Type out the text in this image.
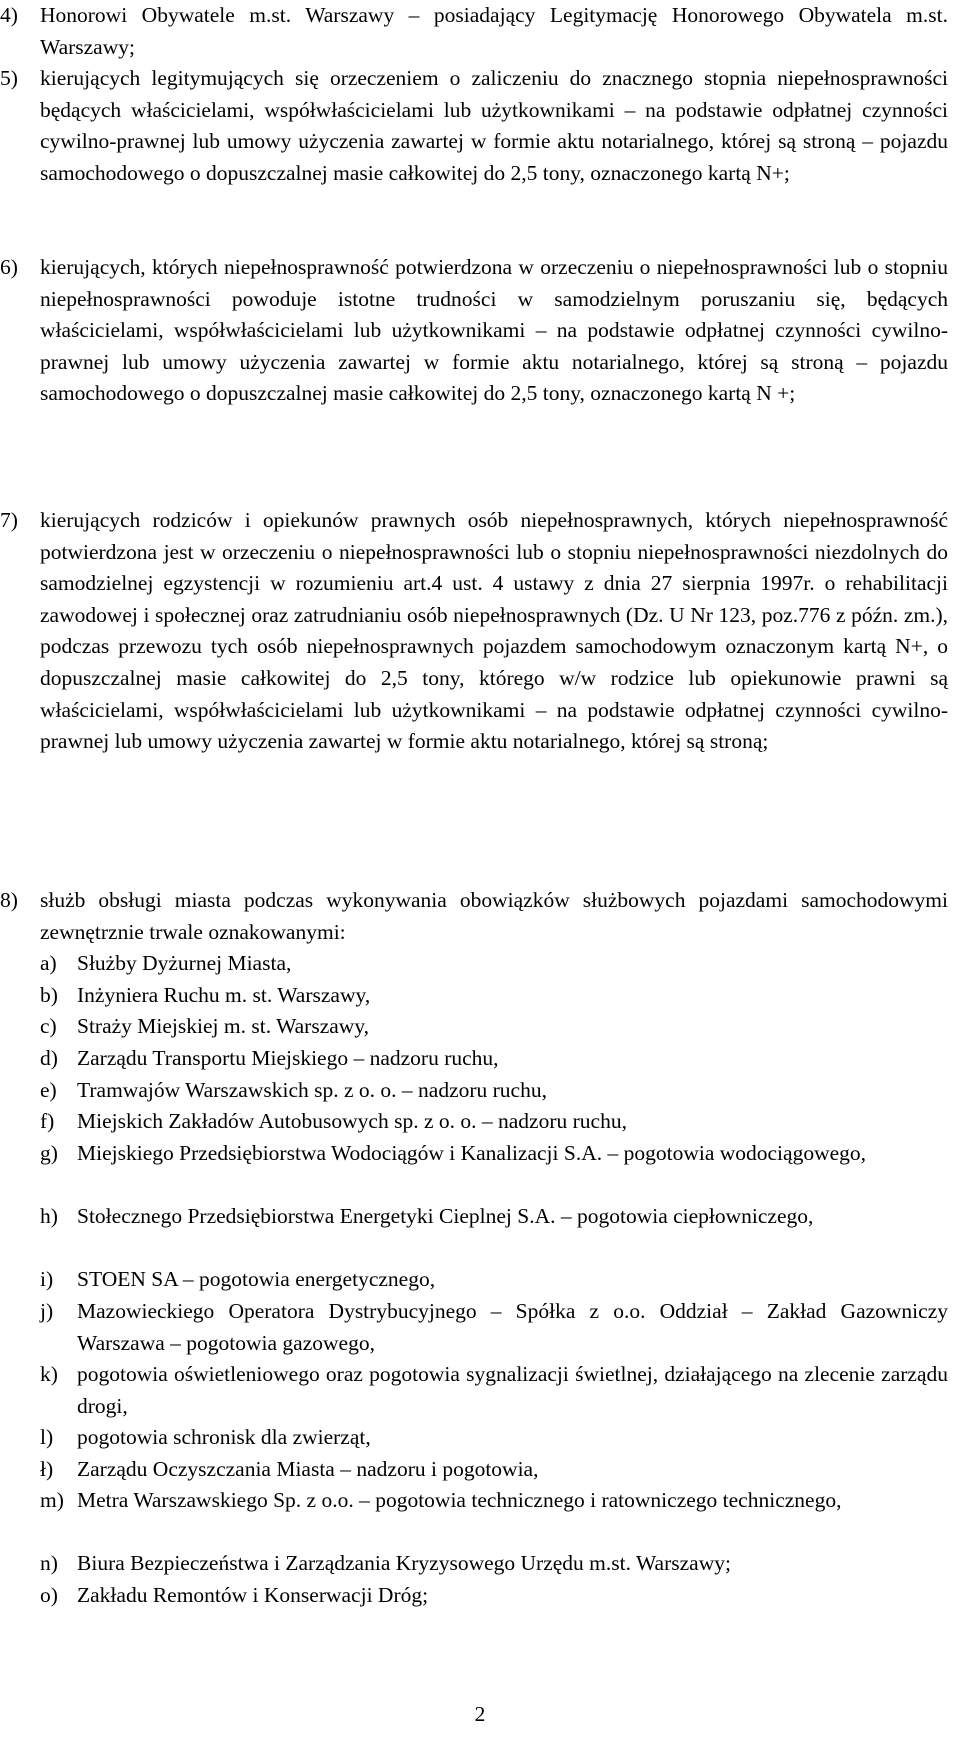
4)	Honorowi Obywatele m.st. Warszawy – posiadający Legitymację Honorowego Obywatela m.st. Warszawy;
5)	kierujących legitymujących się orzeczeniem o zaliczeniu do znacznego stopnia niepełnosprawności będących właścicielami, współwłaścicielami lub użytkownikami – na podstawie odpłatnej czynności cywilno-prawnej lub umowy użyczenia zawartej w formie aktu notarialnego, której są stroną – pojazdu samochodowego o dopuszczalnej masie całkowitej do 2,5 tony, oznaczonego kartą N+;
6)	kierujących, których niepełnosprawność potwierdzona w orzeczeniu o niepełnosprawności lub o stopniu niepełnosprawności powoduje istotne trudności w samodzielnym poruszaniu się, będących właścicielami, współwłaścicielami lub użytkownikami – na podstawie odpłatnej czynności cywilno- prawnej lub umowy użyczenia zawartej w formie aktu notarialnego, której są stroną – pojazdu samochodowego o dopuszczalnej masie całkowitej do 2,5 tony, oznaczonego kartą N +;
7)	kierujących rodziców i opiekunów prawnych osób niepełnosprawnych, których niepełnosprawność potwierdzona jest w orzeczeniu o niepełnosprawności lub o stopniu niepełnosprawności niezdolnych do samodzielnej egzystencji w rozumieniu art.4 ust. 4 ustawy z dnia 27 sierpnia 1997r. o rehabilitacji zawodowej i społecznej oraz zatrudnianiu osób niepełnosprawnych (Dz. U Nr 123, poz.776 z późn. zm.), podczas przewozu tych osób niepełnosprawnych pojazdem samochodowym oznaczonym kartą N+, o dopuszczalnej masie całkowitej do 2,5 tony, którego w/w rodzice lub opiekunowie prawni są właścicielami, współwłaścicielami lub użytkownikami – na podstawie odpłatnej czynności cywilno- prawnej lub umowy użyczenia zawartej w formie aktu notarialnego, której są stroną;
8)	służb obsługi miasta podczas wykonywania obowiązków służbowych pojazdami samochodowymi zewnętrznie trwale oznakowanymi:
a) Służby Dyżurnej Miasta,
b) Inżyniera Ruchu m. st. Warszawy,
c) Straży Miejskiej m. st. Warszawy,
d) Zarządu Transportu Miejskiego – nadzoru ruchu,
e) Tramwajów Warszawskich sp. z o. o. – nadzoru ruchu,
f)	Miejskich Zakładów Autobusowych sp. z o. o. – nadzoru ruchu,
g) Miejskiego Przedsiębiorstwa Wodociągów i Kanalizacji S.A. – pogotowia wodociągowego,
h) Stołecznego Przedsiębiorstwa Energetyki Cieplnej S.A. – pogotowia ciepłowniczego,
i)	STOEN SA – pogotowia energetycznego,
j)	Mazowieckiego Operatora Dystrybucyjnego – Spółka z o.o. Oddział – Zakład Gazowniczy Warszawa – pogotowia gazowego,
k) pogotowia oświetleniowego oraz pogotowia sygnalizacji świetlnej, działającego na zlecenie zarządu drogi,
l)	pogotowia schronisk dla zwierząt,
ł)	Zarządu Oczyszczania Miasta – nadzoru i pogotowia,
m) Metra Warszawskiego Sp. z o.o. – pogotowia technicznego i ratowniczego technicznego,
n) Biura Bezpieczeństwa i Zarządzania Kryzysowego Urzędu m.st. Warszawy;
o) Zakładu Remontów i Konserwacji Dróg;
2
